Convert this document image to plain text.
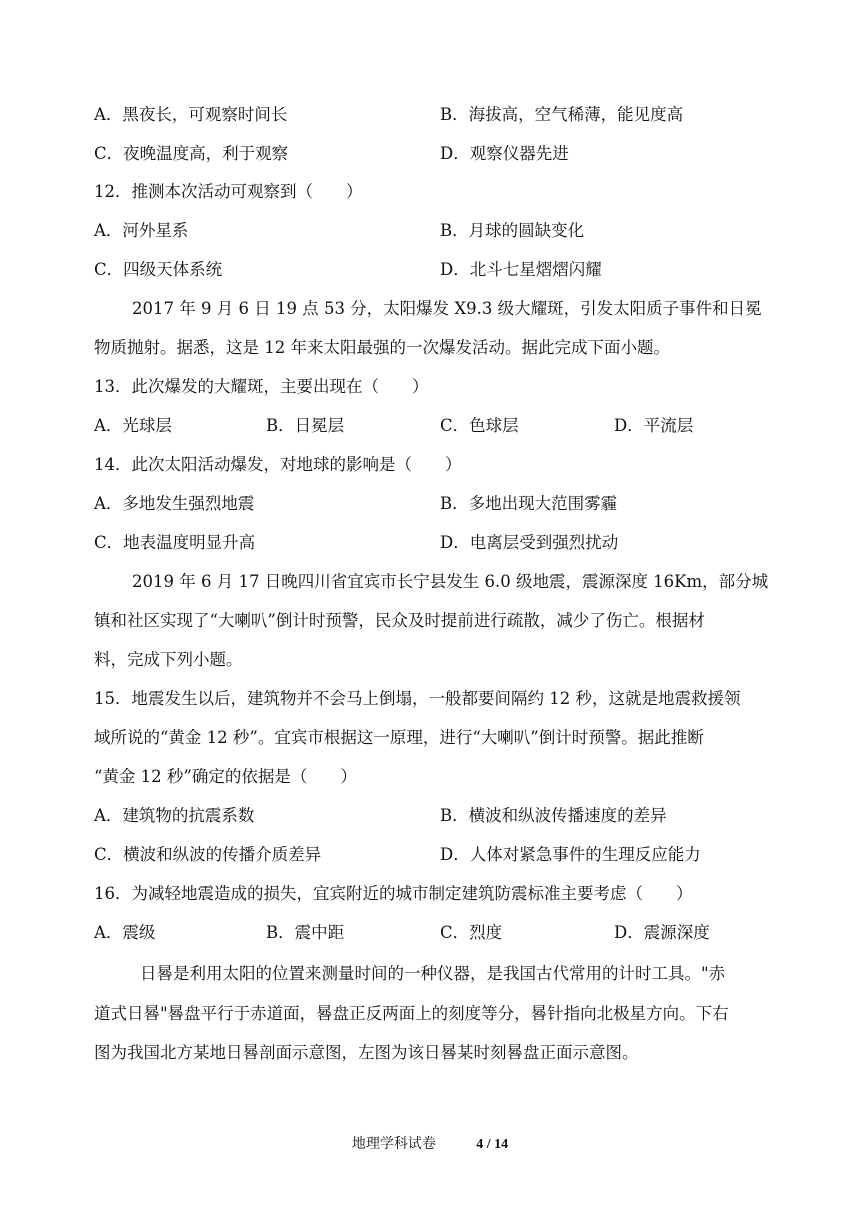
A．黑夜长，可观察时间长	B．海拔高，空气稀薄，能见度高
C．夜晚温度高，利于观察	D．观察仪器先进
12．推测本次活动可观察到（　　）
A．河外星系	B．月球的圆缺变化
C．四级天体系统	D．北斗七星熠熠闪耀
2017 年 9 月 6 日 19 点 53 分，太阳爆发 X9.3 级大耀斑，引发太阳质子事件和日冕
物质抛射。据悉，这是 12 年来太阳最强的一次爆发活动。据此完成下面小题。
13．此次爆发的大耀斑，主要出现在（　　）
A．光球层	B．日冕层	C．色球层	D．平流层
14．此次太阳活动爆发，对地球的影响是（　　）
A．多地发生强烈地震	B．多地出现大范围雾霾
C．地表温度明显升高	D．电离层受到强烈扰动
2019 年 6 月 17 日晚四川省宜宾市长宁县发生 6.0 级地震，震源深度 16Km，部分城
镇和社区实现了“大喇叭”倒计时预警，民众及时提前进行疏散，减少了伤亡。根据材
料，完成下列小题。
15．地震发生以后，建筑物并不会马上倒塌，一般都要间隔约 12 秒，这就是地震救援领
域所说的“黄金 12 秒”。宜宾市根据这一原理，进行“大喇叭”倒计时预警。据此推断
“黄金 12 秒”确定的依据是（　　）
A．建筑物的抗震系数	B．横波和纵波传播速度的差异
C．横波和纵波的传播介质差异	D．人体对紧急事件的生理反应能力
16．为减轻地震造成的损失，宜宾附近的城市制定建筑防震标准主要考虑（　　）
A．震级	B．震中距	C．烈度	D．震源深度
日晷是利用太阳的位置来测量时间的一种仪器，是我国古代常用的计时工具。"赤
道式日晷"晷盘平行于赤道面，晷盘正反两面上的刻度等分，晷针指向北极星方向。下右
图为我国北方某地日晷剖面示意图，左图为该日晷某时刻晷盘正面示意图。
地理学科试卷	4 / 14
